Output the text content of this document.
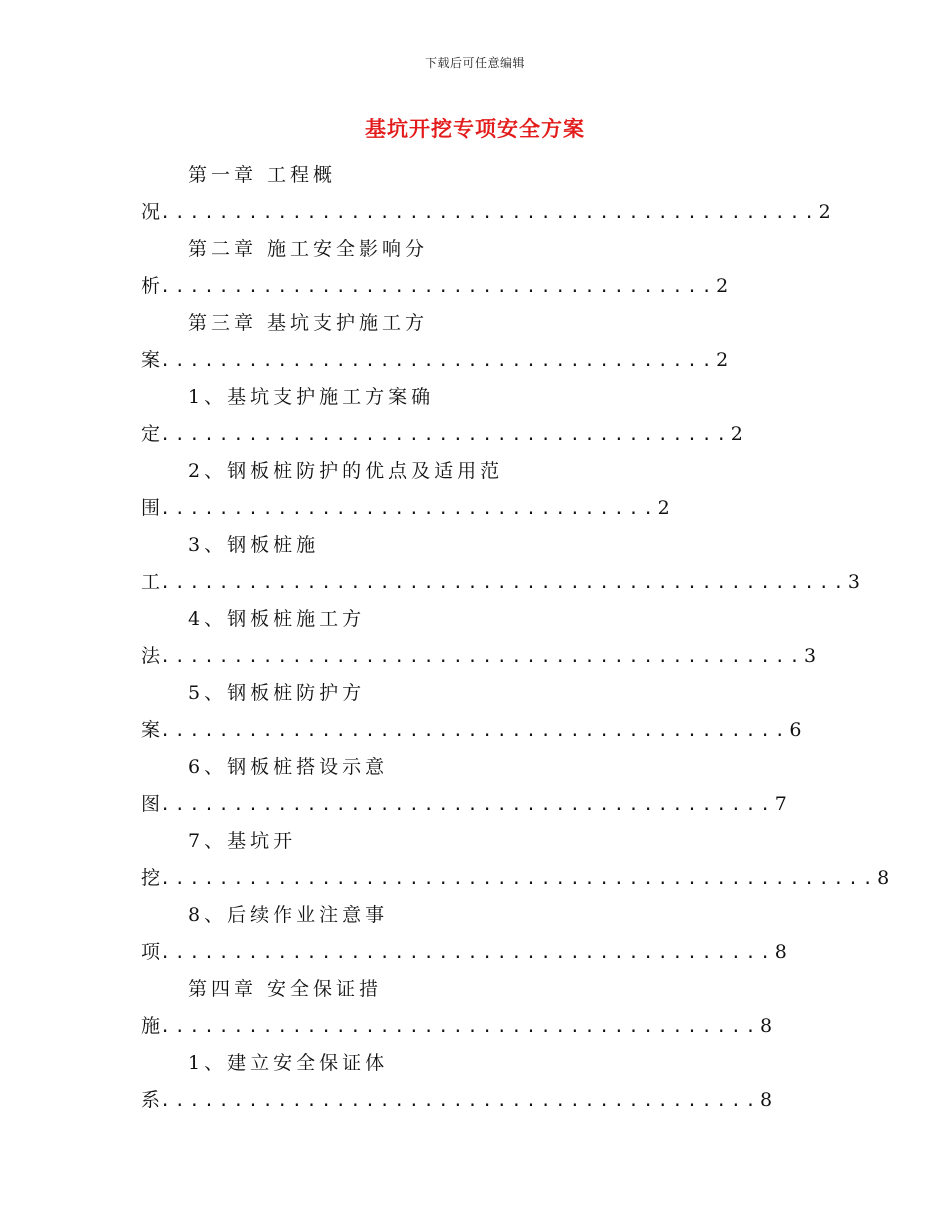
下载后可任意编辑
基坑开挖专项安全方案
第一章 工程概
况.............................................2
第二章 施工安全影响分
析......................................2
第三章 基坑支护施工方
案......................................2
1、基坑支护施工方案确
定.......................................2
2、钢板桩防护的优点及适用范
围..................................2
3、钢板桩施
工...............................................3
4、钢板桩施工方
法............................................3
5、钢板桩防护方
案...........................................6
6、钢板桩搭设示意
图..........................................7
7、基坑开
挖.................................................8
8、后续作业注意事
项..........................................8
第四章 安全保证措
施.........................................8
1、建立安全保证体
系.........................................8
